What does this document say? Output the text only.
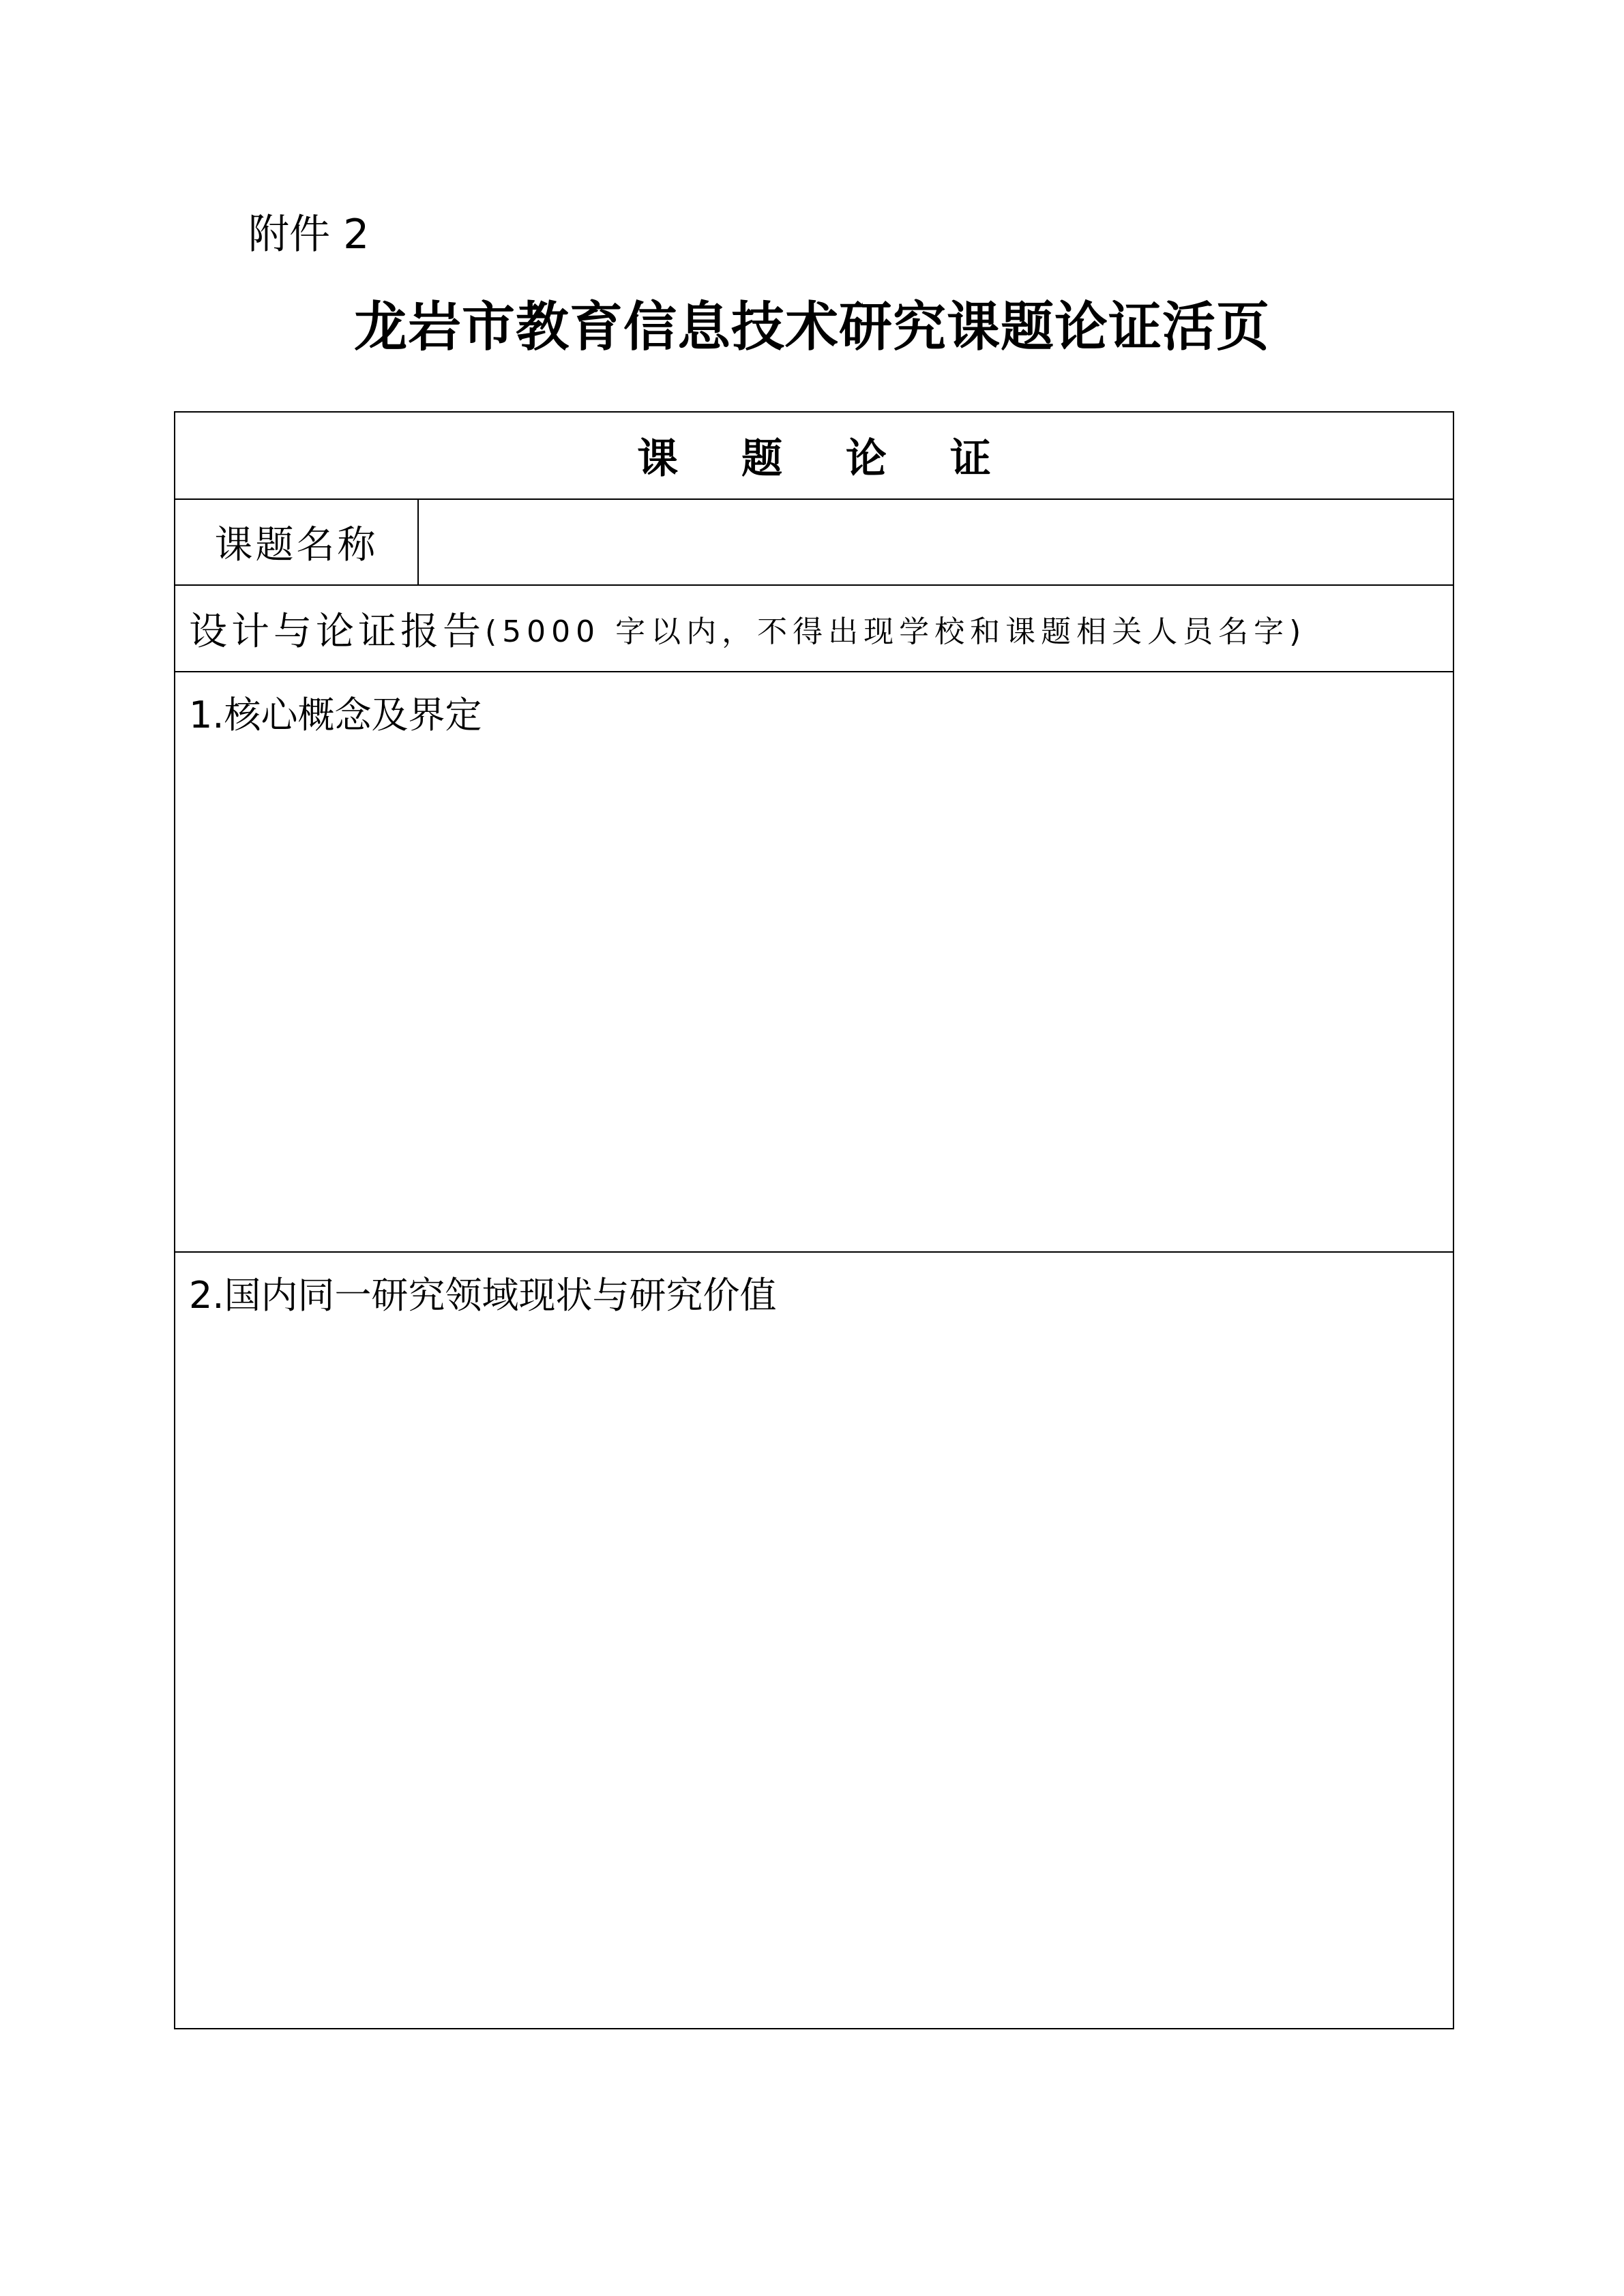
附件 2
龙岩市教育信息技术研究课题论证活页
课 题 论 证
课题名称
设计与论证报告 (5000 字以内，不得出现学校和课题相关人员名字)
1.核心概念及界定
2.国内同一研究领域现状与研究价值
